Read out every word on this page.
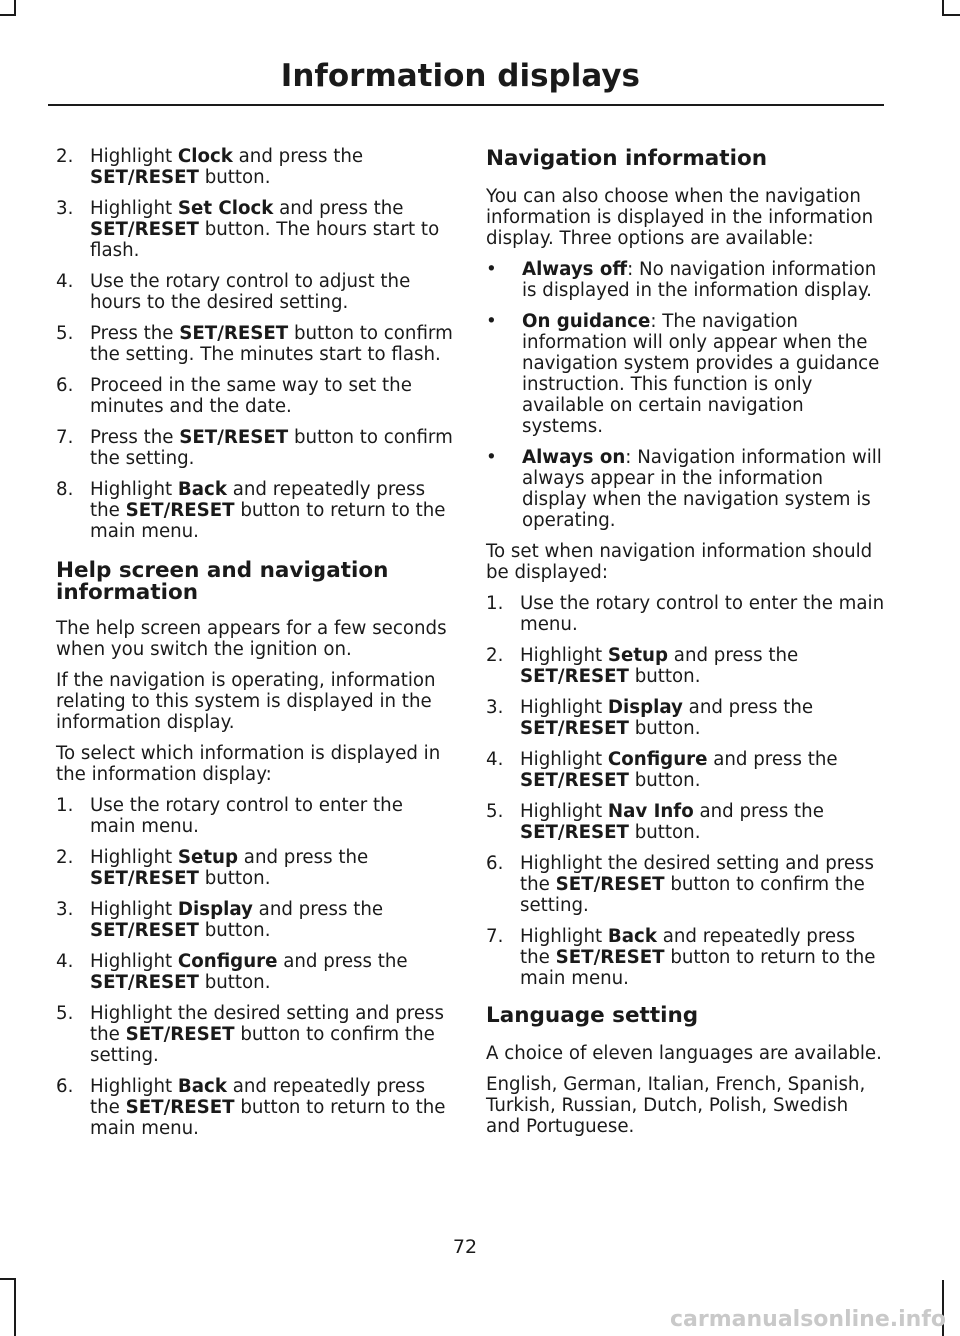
Information displays
2. Highlight Clock and press the SET/RESET button.
3. Highlight Set Clock and press the SET/RESET button. The hours start to flash.
4. Use the rotary control to adjust the hours to the desired setting.
5. Press the SET/RESET button to confirm the setting. The minutes start to flash.
6. Proceed in the same way to set the minutes and the date.
7. Press the SET/RESET button to confirm the setting.
8. Highlight Back and repeatedly press the SET/RESET button to return to the main menu.
Help screen and navigation information

The help screen appears for a few seconds when you switch the ignition on.

If the navigation is operating, information relating to this system is displayed in the information display.

To select which information is displayed in the information display:

1. Use the rotary control to enter the main menu.
2. Highlight Setup and press the SET/RESET button.
3. Highlight Display and press the SET/RESET button.
4. Highlight Configure and press the SET/RESET button.
5. Highlight the desired setting and press the SET/RESET button to confirm the setting.
6. Highlight Back and repeatedly press the SET/RESET button to return to the main menu.
Navigation information

You can also choose when the navigation information is displayed in the information display. Three options are available:

• Always off: No navigation information is displayed in the information display.
• On guidance: The navigation information will only appear when the navigation system provides a guidance instruction. This function is only available on certain navigation systems.
• Always on: Navigation information will always appear in the information display when the navigation system is operating.

To set when navigation information should be displayed:

1. Use the rotary control to enter the main menu.
2. Highlight Setup and press the SET/RESET button.
3. Highlight Display and press the SET/RESET button.
4. Highlight Configure and press the SET/RESET button.
5. Highlight Nav Info and press the SET/RESET button.
6. Highlight the desired setting and press the SET/RESET button to confirm the setting.
7. Highlight Back and repeatedly press the SET/RESET button to return to the main menu.
Language setting

A choice of eleven languages are available.

English, German, Italian, French, Spanish, Turkish, Russian, Dutch, Polish, Swedish and Portuguese.

72
carmanualsonline.info
